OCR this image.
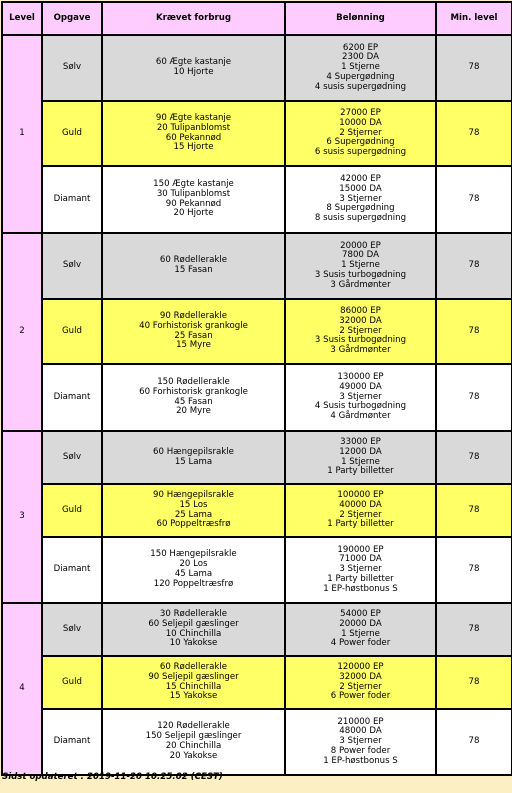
Level	Opgave	Krævet forbrug	Belønning	Min. level
1	Sølv	60 Ægte kastanje
10 Hjorte	6200 EP
2300 DA
1 Stjerne
4 Supergødning
4 susis supergødning	78
	Guld	90 Ægte kastanje
20 Tulipanblomst
60 Pekannød
15 Hjorte	27000 EP
10000 DA
2 Stjerner
6 Supergødning
6 susis supergødning	78
	Diamant	150 Ægte kastanje
30 Tulipanblomst
90 Pekannød
20 Hjorte	42000 EP
15000 DA
3 Stjerner
8 Supergødning
8 susis supergødning	78
2	Sølv	60 Rødellerakle
15 Fasan	20000 EP
7800 DA
1 Stjerne
3 Susis turbogødning
3 Gårdmønter	78
	Guld	90 Rødellerakle
40 Forhistorisk grankogle
25 Fasan
15 Myre	86000 EP
32000 DA
2 Stjerner
3 Susis turbogødning
3 Gårdmønter	78
	Diamant	150 Rødellerakle
60 Forhistorisk grankogle
45 Fasan
20 Myre	130000 EP
49000 DA
3 Stjerner
4 Susis turbogødning
4 Gårdmønter	78
3	Sølv	60 Hængepilsrakle
15 Lama	33000 EP
12000 DA
1 Stjerne
1 Party billetter	78
	Guld	90 Hængepilsrakle
15 Los
25 Lama
60 Poppeltræsfrø	100000 EP
40000 DA
2 Stjerner
1 Party billetter	78
	Diamant	150 Hængepilsrakle
20 Los
45 Lama
120 Poppeltræsfrø	190000 EP
71000 DA
3 Stjerner
1 Party billetter
1 EP-høstbonus S	78
4	Sølv	30 Rødellerakle
60 Seljepil gæslinger
10 Chinchilla
10 Yakokse	54000 EP
20000 DA
1 Stjerne
4 Power foder	78
	Guld	60 Rødellerakle
90 Seljepil gæslinger
15 Chinchilla
15 Yakokse	120000 EP
32000 DA
2 Stjerner
6 Power foder	78
	Diamant	120 Rødellerakle
150 Seljepil gæslinger
20 Chinchilla
20 Yakokse	210000 EP
48000 DA
3 Stjerner
8 Power foder
1 EP-høstbonus S	78
Sidst opdateret : 2019-11-20 10:25:02 (CEST)
